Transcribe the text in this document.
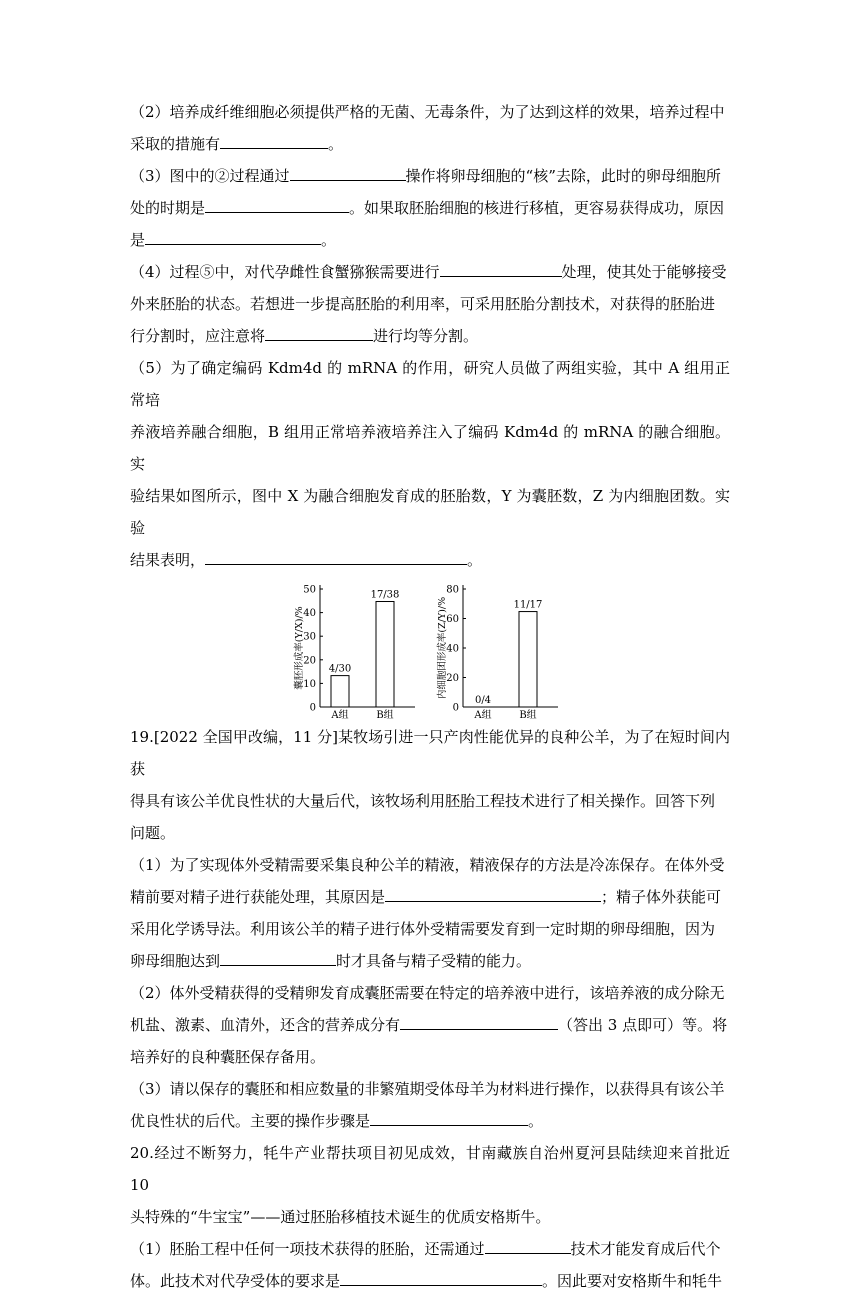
（2）培养成纤维细胞必须提供严格的无菌、无毒条件，为了达到这样的效果，培养过程中

采取的措施有	。

（3）图中的②过程通过	操作将卵母细胞的“核”去除，此时的卵母细胞所

处的时期是	。如果取胚胎细胞的核进行移植，更容易获得成功，原因

是	。

（4）过程⑤中，对代孕雌性食蟹猕猴需要进行	处理，使其处于能够接受

外来胚胎的状态。若想进一步提高胚胎的利用率，可采用胚胎分割技术，对获得的胚胎进

行分割时，应注意将	进行均等分割。

（5）为了确定编码 Kdm4d 的 mRNA 的作用，研究人员做了两组实验，其中 A 组用正常培

养液培养融合细胞，B 组用正常培养液培养注入了编码 Kdm4d 的 mRNA 的融合细胞。实

验结果如图所示，图中 X 为融合细胞发育成的胚胎数，Y 为囊胚数，Z 为内细胞团数。实验

结果表明，	。

0
10
20
30
40
50
囊胚形成率(Y/X)/% 4/30
A组
17/38
B组
0
20
40
60
80
内细胞团形成率(Z/Y)/%
0/4
A组
11/17
B组

19.[2022 全国甲改编，11 分]某牧场引进一只产肉性能优异的良种公羊，为了在短时间内获

得具有该公羊优良性状的大量后代，该牧场利用胚胎工程技术进行了相关操作。回答下列

问题。

（1）为了实现体外受精需要采集良种公羊的精液，精液保存的方法是冷冻保存。在体外受

精前要对精子进行获能处理，其原因是	；精子体外获能可

采用化学诱导法。利用该公羊的精子进行体外受精需要发育到一定时期的卵母细胞，因为

卵母细胞达到	时才具备与精子受精的能力。

（2）体外受精获得的受精卵发育成囊胚需要在特定的培养液中进行，该培养液的成分除无

机盐、激素、血清外，还含的营养成分有	（答出 3 点即可）等。将

培养好的良种囊胚保存备用。

（3）请以保存的囊胚和相应数量的非繁殖期受体母羊为材料进行操作，以获得具有该公羊

优良性状的后代。主要的操作步骤是	。

20.经过不断努力，牦牛产业帮扶项目初见成效，甘南藏族自治州夏河县陆续迎来首批近 10

头特殊的“牛宝宝”——通过胚胎移植技术诞生的优质安格斯牛。

（1）胚胎工程中任何一项技术获得的胚胎，还需通过	技术才能发育成后代个

体。此技术对代孕受体的要求是	。因此要对安格斯牛和牦牛
